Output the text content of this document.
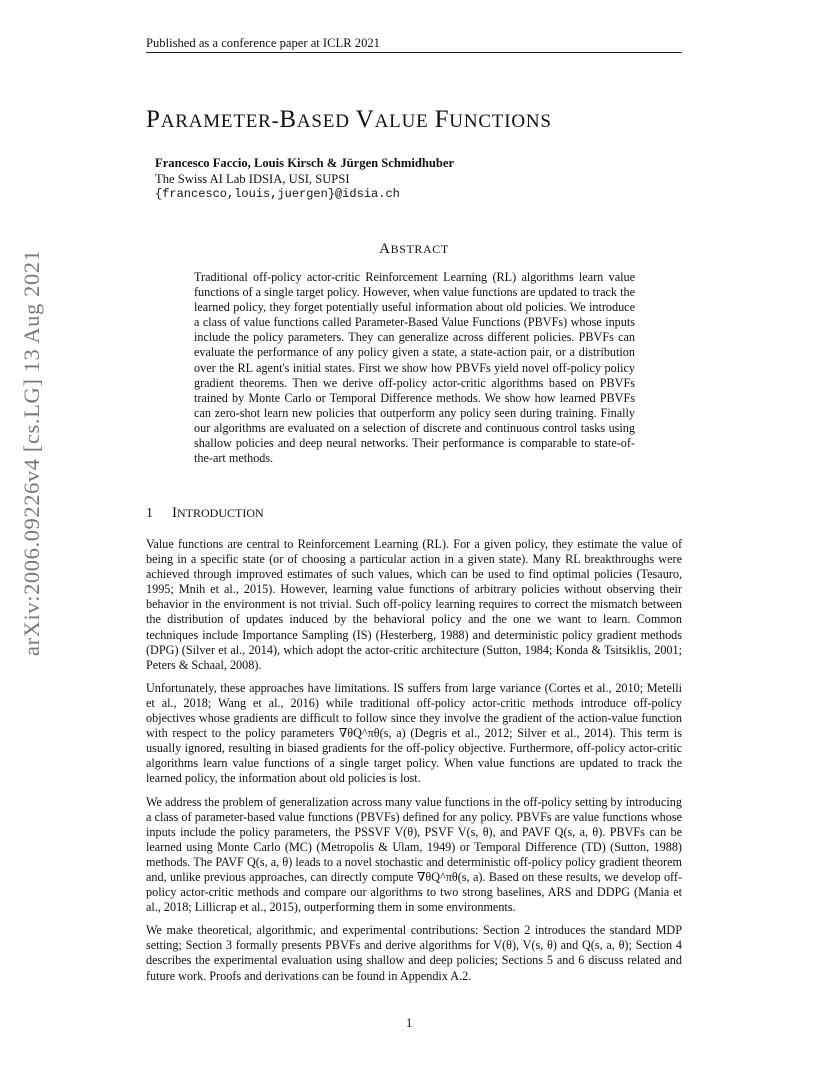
Published as a conference paper at ICLR 2021
arXiv:2006.09226v4 [cs.LG] 13 Aug 2021
PARAMETER-BASED VALUE FUNCTIONS
Francesco Faccio, Louis Kirsch & Jürgen Schmidhuber
The Swiss AI Lab IDSIA, USI, SUPSI
{francesco,louis,juergen}@idsia.ch
ABSTRACT
Traditional off-policy actor-critic Reinforcement Learning (RL) algorithms learn value functions of a single target policy. However, when value functions are updated to track the learned policy, they forget potentially useful information about old policies. We introduce a class of value functions called Parameter-Based Value Functions (PBVFs) whose inputs include the policy parameters. They can generalize across different policies. PBVFs can evaluate the performance of any policy given a state, a state-action pair, or a distribution over the RL agent's initial states. First we show how PBVFs yield novel off-policy policy gradient theorems. Then we derive off-policy actor-critic algorithms based on PBVFs trained by Monte Carlo or Temporal Difference methods. We show how learned PBVFs can zero-shot learn new policies that outperform any policy seen during training. Finally our algorithms are evaluated on a selection of discrete and continuous control tasks using shallow policies and deep neural networks. Their performance is comparable to state-of-the-art methods.
1 INTRODUCTION

Value functions are central to Reinforcement Learning (RL). For a given policy, they estimate the value of being in a specific state (or of choosing a particular action in a given state). Many RL breakthroughs were achieved through improved estimates of such values, which can be used to find optimal policies (Tesauro, 1995; Mnih et al., 2015). However, learning value functions of arbitrary policies without observing their behavior in the environment is not trivial. Such off-policy learning requires to correct the mismatch between the distribution of updates induced by the behavioral policy and the one we want to learn. Common techniques include Importance Sampling (IS) (Hesterberg, 1988) and deterministic policy gradient methods (DPG) (Silver et al., 2014), which adopt the actor-critic architecture (Sutton, 1984; Konda & Tsitsiklis, 2001; Peters & Schaal, 2008).

Unfortunately, these approaches have limitations. IS suffers from large variance (Cortes et al., 2010; Metelli et al., 2018; Wang et al., 2016) while traditional off-policy actor-critic methods introduce off-policy objectives whose gradients are difficult to follow since they involve the gradient of the action-value function with respect to the policy parameters ∇θQ^πθ(s, a) (Degris et al., 2012; Silver et al., 2014). This term is usually ignored, resulting in biased gradients for the off-policy objective. Furthermore, off-policy actor-critic algorithms learn value functions of a single target policy. When value functions are updated to track the learned policy, the information about old policies is lost.

We address the problem of generalization across many value functions in the off-policy setting by introducing a class of parameter-based value functions (PBVFs) defined for any policy. PBVFs are value functions whose inputs include the policy parameters, the PSSVF V(θ), PSVF V(s, θ), and PAVF Q(s, a, θ). PBVFs can be learned using Monte Carlo (MC) (Metropolis & Ulam, 1949) or Temporal Difference (TD) (Sutton, 1988) methods. The PAVF Q(s, a, θ) leads to a novel stochastic and deterministic off-policy policy gradient theorem and, unlike previous approaches, can directly compute ∇θQ^πθ(s, a). Based on these results, we develop off-policy actor-critic methods and compare our algorithms to two strong baselines, ARS and DDPG (Mania et al., 2018; Lillicrap et al., 2015), outperforming them in some environments.

We make theoretical, algorithmic, and experimental contributions: Section 2 introduces the standard MDP setting; Section 3 formally presents PBVFs and derive algorithms for V(θ), V(s, θ) and Q(s, a, θ); Section 4 describes the experimental evaluation using shallow and deep policies; Sections 5 and 6 discuss related and future work. Proofs and derivations can be found in Appendix A.2.

1
